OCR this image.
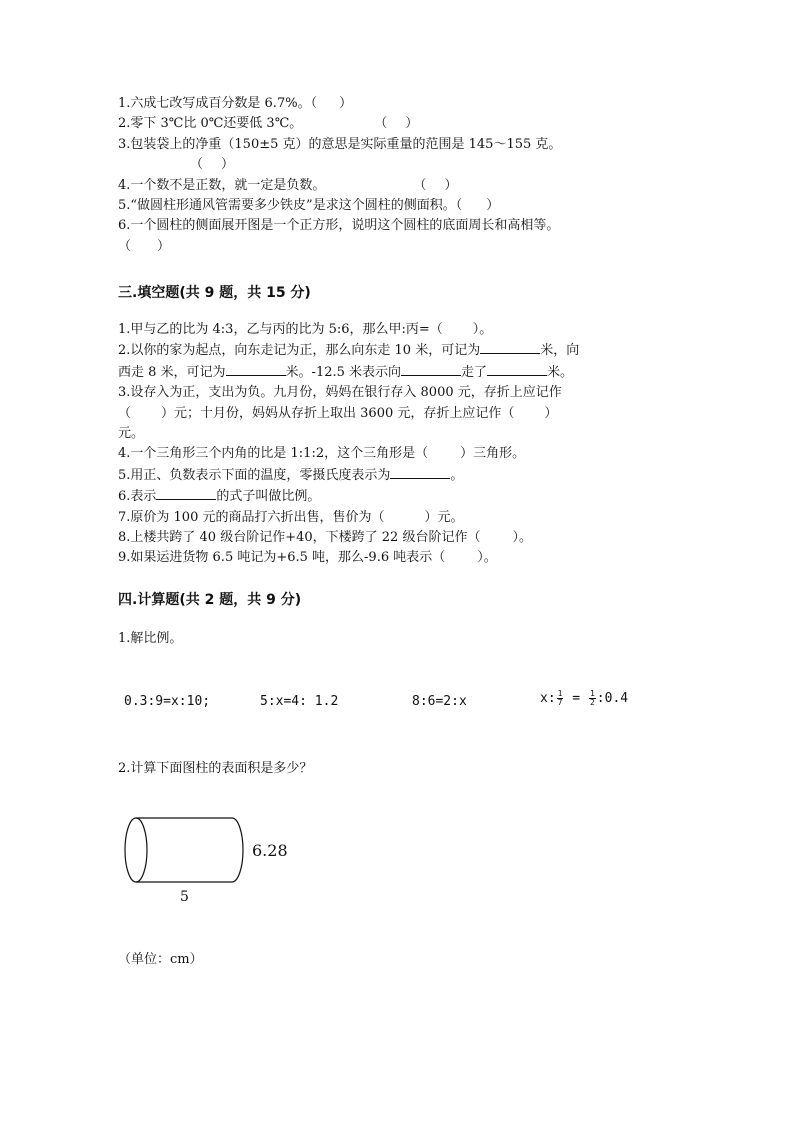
1.六成七改写成百分数是 6.7%。（ ）
2.零下 3℃比 0℃还要低 3℃。	（ ）
3.包装袋上的净重（150±5 克）的意思是实际重量的范围是 145～155 克。
（ ）
4.一个数不是正数，就一定是负数。	（ ）
5.“做圆柱形通风管需要多少铁皮”是求这个圆柱的侧面积。（ ）
6.一个圆柱的侧面展开图是一个正方形，说明这个圆柱的底面周长和高相等。
（ ）
三.填空题(共 9 题，共 15 分)
1.甲与乙的比为 4:3，乙与丙的比为 5:6，那么甲:丙=（ ）。
2.以你的家为起点，向东走记为正，那么向东走 10 米，可记为	米，向
西走 8 米，可记为	米。-12.5 米表示向	走了	米。
3.设存入为正，支出为负。九月份，妈妈在银行存入 8000 元，存折上应记作
（ ）元；十月份，妈妈从存折上取出 3600 元，存折上应记作（ ）
元。
4.一个三角形三个内角的比是 1:1:2，这个三角形是（ ）三角形。
5.用正、负数表示下面的温度，零摄氏度表示为	。
6.表示	的式子叫做比例。
7.原价为 100 元的商品打六折出售，售价为（	）元。
8.上楼共跨了 40 级台阶记作+40，下楼跨了 22 级台阶记作（ ）。
9.如果运进货物 6.5 吨记为+6.5 吨，那么-9.6 吨表示（ ）。
四.计算题(共 2 题，共 9 分)
1.解比例。
0.3:9=x:10;	5:x=4: 1.2	8:6=2:x	x: $\frac{1}{7} = \frac{1}{2}$ :0.4
2.计算下面图柱的表面积是多少？
6.28
5
（单位：cm）
